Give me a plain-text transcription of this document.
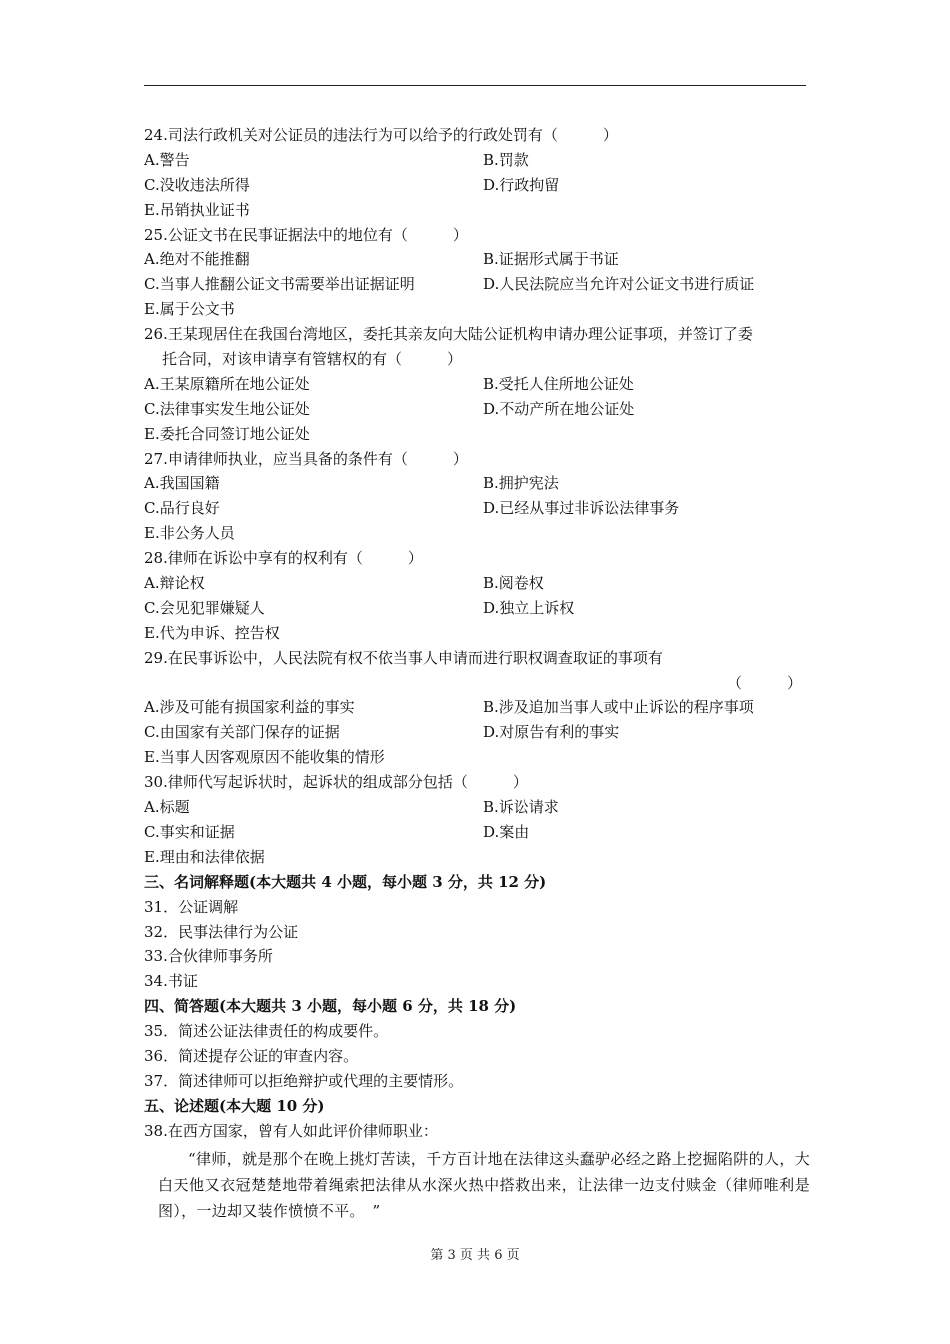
24.司法行政机关对公证员的违法行为可以给予的行政处罚有（　　　）
A.警告	B.罚款
C.没收违法所得	D.行政拘留
E.吊销执业证书
25.公证文书在民事证据法中的地位有（　　　）
A.绝对不能推翻	B.证据形式属于书证
C.当事人推翻公证文书需要举出证据证明	D.人民法院应当允许对公证文书进行质证
E.属于公文书
26.王某现居住在我国台湾地区，委托其亲友向大陆公证机构申请办理公证事项，并签订了委
托合同，对该申请享有管辖权的有（　　　）
A.王某原籍所在地公证处	B.受托人住所地公证处
C.法律事实发生地公证处	D.不动产所在地公证处
E.委托合同签订地公证处
27.申请律师执业，应当具备的条件有（　　　）
A.我国国籍	B.拥护宪法
C.品行良好	D.已经从事过非诉讼法律事务
E.非公务人员
28.律师在诉讼中享有的权利有（　　　）
A.辩论权	B.阅卷权
C.会见犯罪嫌疑人	D.独立上诉权
E.代为申诉、控告权
29.在民事诉讼中，人民法院有权不依当事人申请而进行职权调查取证的事项有
（　　　）
A.涉及可能有损国家利益的事实	B.涉及追加当事人或中止诉讼的程序事项
C.由国家有关部门保存的证据	D.对原告有利的事实
E.当事人因客观原因不能收集的情形
30.律师代写起诉状时，起诉状的组成部分包括（　　　）
A.标题	B.诉讼请求
C.事实和证据	D.案由
E.理由和法律依据
三、名词解释题(本大题共 4 小题，每小题 3 分，共 12 分)
31．公证调解
32．民事法律行为公证
33.合伙律师事务所
34.书证
四、简答题(本大题共 3 小题，每小题 6 分，共 18 分)
35．简述公证法律责任的构成要件。
36．简述提存公证的审查内容。
37．简述律师可以拒绝辩护或代理的主要情形。
五、论述题(本大题 10 分)
38.在西方国家，曾有人如此评价律师职业：
“律师，就是那个在晚上挑灯苦读，千方百计地在法律这头蠢驴必经之路上挖掘陷阱的人，大白天他又衣冠楚楚地带着绳索把法律从水深火热中搭救出来，让法律一边支付赎金（律师唯利是图），一边却又装作愤愤不平。　”
第 3 页 共 6 页
